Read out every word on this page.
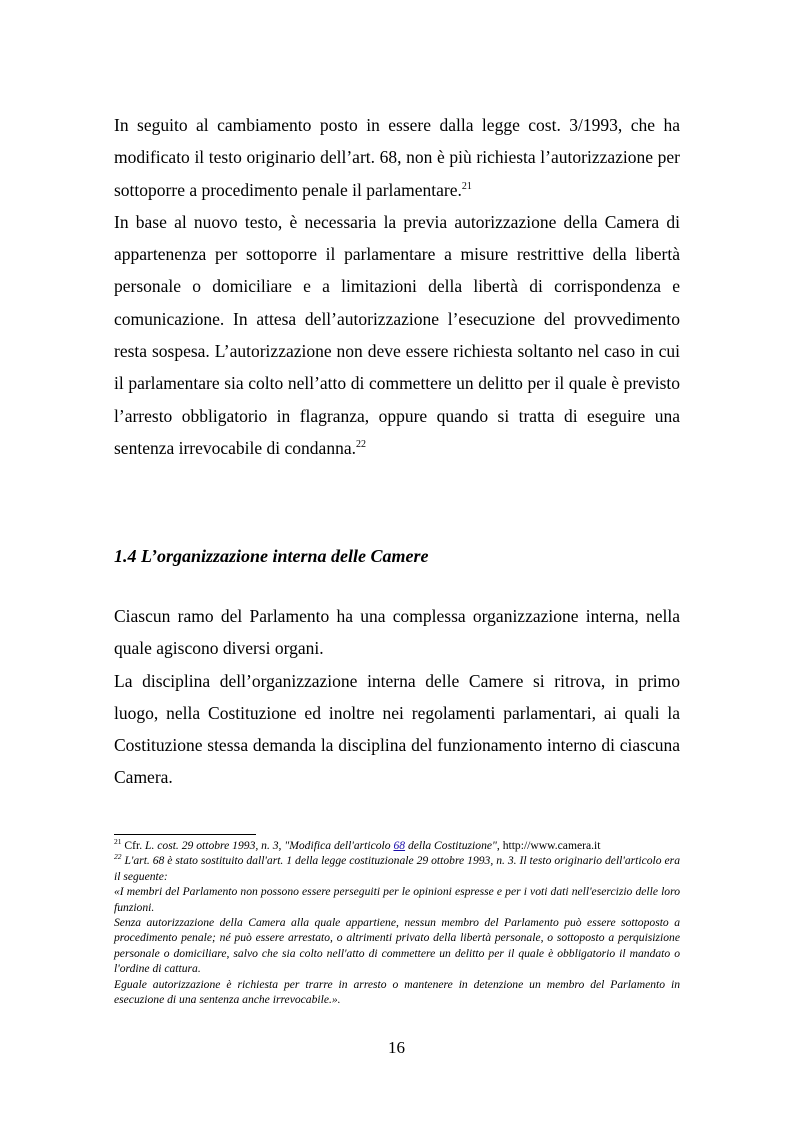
In seguito al cambiamento posto in essere dalla legge cost. 3/1993, che ha modificato il testo originario dell’art. 68, non è più richiesta l’autorizzazione per sottoporre a procedimento penale il parlamentare.$^{21}$

In base al nuovo testo, è necessaria la previa autorizzazione della Camera di appartenenza per sottoporre il parlamentare a misure restrittive della libertà personale o domiciliare e a limitazioni della libertà di corrispondenza e comunicazione. In attesa dell’autorizzazione l’esecuzione del provvedimento resta sospesa. L’autorizzazione non deve essere richiesta soltanto nel caso in cui il parlamentare sia colto nell’atto di commettere un delitto per il quale è previsto l’arresto obbligatorio in flagranza, oppure quando si tratta di eseguire una sentenza irrevocabile di condanna.$^{22}$

1.4 L’organizzazione interna delle Camere

Ciascun ramo del Parlamento ha una complessa organizzazione interna, nella quale agiscono diversi organi.

La disciplina dell’organizzazione interna delle Camere si ritrova, in primo luogo, nella Costituzione ed inoltre nei regolamenti parlamentari, ai quali la Costituzione stessa demanda la disciplina del funzionamento interno di ciascuna Camera.

$^{21}$ Cfr. L. cost. 29 ottobre 1993, n. 3, "Modifica dell'articolo 68 della Costituzione", http://www.camera.it

$^{22}$ L'art. 68 è stato sostituito dall'art. 1 della legge costituzionale 29 ottobre 1993, n. 3. Il testo originario dell'articolo era il seguente:

«I membri del Parlamento non possono essere perseguiti per le opinioni espresse e per i voti dati nell'esercizio delle loro funzioni.

Senza autorizzazione della Camera alla quale appartiene, nessun membro del Parlamento può essere sottoposto a procedimento penale; né può essere arrestato, o altrimenti privato della libertà personale, o sottoposto a perquisizione personale o domiciliare, salvo che sia colto nell'atto di commettere un delitto per il quale è obbligatorio il mandato o l'ordine di cattura.

Eguale autorizzazione è richiesta per trarre in arresto o mantenere in detenzione un membro del Parlamento in esecuzione di una sentenza anche irrevocabile.».

16
